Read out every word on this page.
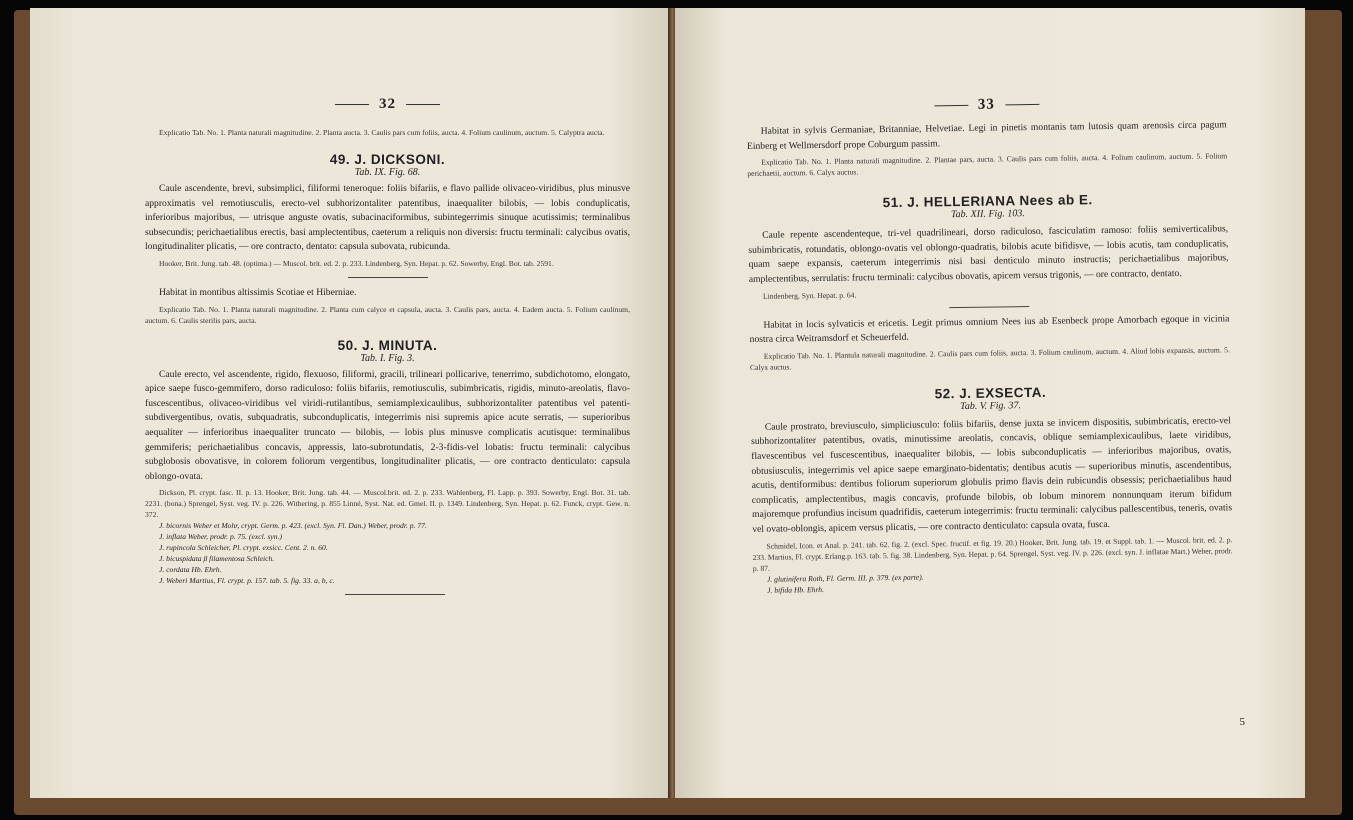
32

Explicatio Tab. No. 1. Planta naturali magnitudine. 2. Planta aucta. 3. Caulis pars cum foliis, aucta. 4. Folium caulinum, auctum. 5. Calyptra aucta.

49. J. DICKSONI.
Tab. IX. Fig. 68.

Caule ascendente, brevi, subsimplici, filiformi teneroque: foliis bifariis, e flavo pallide olivaceo-viridibus, plus minusve approximatis vel remotiusculis, erecto-vel subhorizontaliter patentibus, inaequaliter bilobis, — lobis conduplicatis, inferioribus majoribus, — utrisque anguste ovatis, subacinaciformibus, subintegerrimis sinuque acutissimis; terminalibus subsecundis; perichaetialibus erectis, basi amplectentibus, caeterum a reliquis non diversis: fructu terminali: calycibus ovatis, longitudinaliter plicatis, — ore contracto, dentato: capsula subovata, rubicunda.

Hooker, Brit. Jung. tab. 48. (optima.) — Muscol. brit. ed. 2. p. 233. Lindenberg, Syn. Hepat. p. 62. Sowerby, Engl. Bot. tab. 2591.

Habitat in montibus altissimis Scotiae et Hiberniae.

Explicatio Tab. No. 1. Planta naturali magnitudine. 2. Planta cum calyce et capsula, aucta. 3. Caulis pars, aucta. 4. Eadem aucta. 5. Folium caulinum, auctum. 6. Caulis sterilis pars, aucta.

50. J. MINUTA.
Tab. I. Fig. 3.

Caule erecto, vel ascendente, rigido, flexuoso, filiformi, gracili, trilineari pollicarive, tenerrimo, subdichotomo, elongato, apice saepe fusco-gemmifero, dorso radiculoso: foliis bifariis, remotiusculis, subimbricatis, rigidis, minuto-areolatis, flavo-fuscescentibus, olivaceo-viridibus vel viridi-rutilantibus, semiamplexicaulibus, subhorizontaliter patentibus vel patenti-subdivergentibus, ovatis, subquadratis, subconduplicatis, integerrimis nisi supremis apice acute serratis, — superioribus aequaliter — inferioribus inaequaliter truncato — bilobis, — lobis plus minusve complicatis acutisque: terminalibus gemmiferis; perichaetialibus concavis, appressis, lato-subrotundatis, 2-3-fidis-vel lobatis: fructu terminali: calycibus subglobosis obovatisve, in colorem foliorum vergentibus, longitudinaliter plicatis, — ore contracto denticulato: capsula oblongo-ovata.

Dickson, Pl. crypt. fasc. II. p. 13. Hooker, Brit. Jung. tab. 44. — Muscol.brit. ed. 2. p. 233. Wahlenberg, Fl. Lapp. p. 393. Sowerby, Engl. Bot. 31. tab. 2231. (bona.) Sprengel, Syst. veg. IV. p. 226. Withering, p. 855 Linné, Syst. Nat. ed. Gmel. II. p. 1349. Lindenberg, Syn. Hepat. p. 62. Funck, crypt. Gew. n. 372.

J. bicornis Weber et Mohr, crypt. Germ. p. 423. (excl. Syn. Fl. Dan.) Weber, prodr. p. 77.

J. inflata Weber, prodr. p. 75. (excl. syn.)

J. rupincola Schleicher, Pl. crypt. exsicc. Cent. 2. n. 60.

J. bicuspidata β filamentosa Schleich.

J. cordata Hb. Ehrh.

J. Weberi Martius, Fl. crypt. p. 157. tab. 5. fig. 33. a, b, c.

33

Habitat in sylvis Germaniae, Britanniae, Helvetiae. Legi in pinetis montanis tam lutosis quam arenosis circa pagum Einberg et Wellmersdorf prope Coburgum passim.

Explicatio Tab. No. 1. Planta naturali magnitudine. 2. Plantae pars, aucta. 3. Caulis pars cum foliis, aucta. 4. Folium caulinum, auctum. 5. Folium perichaetii, auctum. 6. Calyx auctus.

51. J. HELLERIANA Nees ab E.
Tab. XII. Fig. 103.

Caule repente ascendenteque, tri-vel quadrilineari, dorso radiculoso, fasciculatim ramoso: foliis semiverticalibus, subimbricatis, rotundatis, oblongo-ovatis vel oblongo-quadratis, bilobis acute bifidisve, — lobis acutis, tam conduplicatis, quam saepe expansis, caeterum integerrimis nisi basi denticulo minuto instructis; perichaetialibus majoribus, amplectentibus, serrulatis: fructu terminali: calycibus obovatis, apicem versus trigonis, — ore contracto, dentato.

Lindenberg, Syn. Hepat. p. 64.

Habitat in locis sylvaticis et ericetis. Legit primus omnium Nees ius ab Esenbeck prope Amorbach egoque in vicinia nostra circa Weitramsdorf et Scheuerfeld.

Explicatio Tab. No. 1. Plantula naturali magnitudine. 2. Caulis pars cum foliis, aucta. 3. Folium caulinum, auctum. 4. Aliud lobis expansis, auctum. 5. Calyx auctus.

52. J. EXSECTA.
Tab. V. Fig. 37.

Caule prostrato, breviusculo, simpliciusculo: foliis bifariis, dense juxta se invicem dispositis, subimbricatis, erecto-vel subhorizontaliter patentibus, ovatis, minutissime areolatis, concavis, oblique semiamplexicaulibus, laete viridibus, flavescentibus vel fuscescentibus, inaequaliter bilobis, — lobis subconduplicatis — inferioribus majoribus, ovatis, obtusiusculis, integerrimis vel apice saepe emarginato-bidentatis; dentibus acutis — superioribus minutis, ascendentibus, acutis, dentiformibus: dentibus foliorum superiorum globulis primo flavis dein rubicundis obsessis; perichaetialibus haud complicatis, amplectentibus, magis concavis, profunde bilobis, ob lobum minorem nonnunquam iterum bifidum majoremque profundius incisum quadrifidis, caeterum integerrimis: fructu terminali: calycibus pallescentibus, teneris, ovatis vel ovato-oblongis, apicem versus plicatis, — ore contracto denticulato: capsula ovata, fusca.

Schmidel, Icon. et Anal. p. 241. tab. 62. fig. 2. (excl. Spec. fructif. et fig. 19. 20.) Hooker, Brit. Jung. tab. 19. et Suppl. tab. 1. — Muscol. brit. ed. 2. p. 233. Martius, Fl. crypt. Erlang.p. 163. tab. 5. fig. 38. Lindenberg, Syn. Hepat. p. 64. Sprengel, Syst. veg. IV. p. 226. (excl. syn. J. inflatae Mart.) Weber, prodr. p. 87.

J. glutinifera Roth, Fl. Germ. III. p. 379. (ex parte).

J. bifida Hb. Ehrh.

5
